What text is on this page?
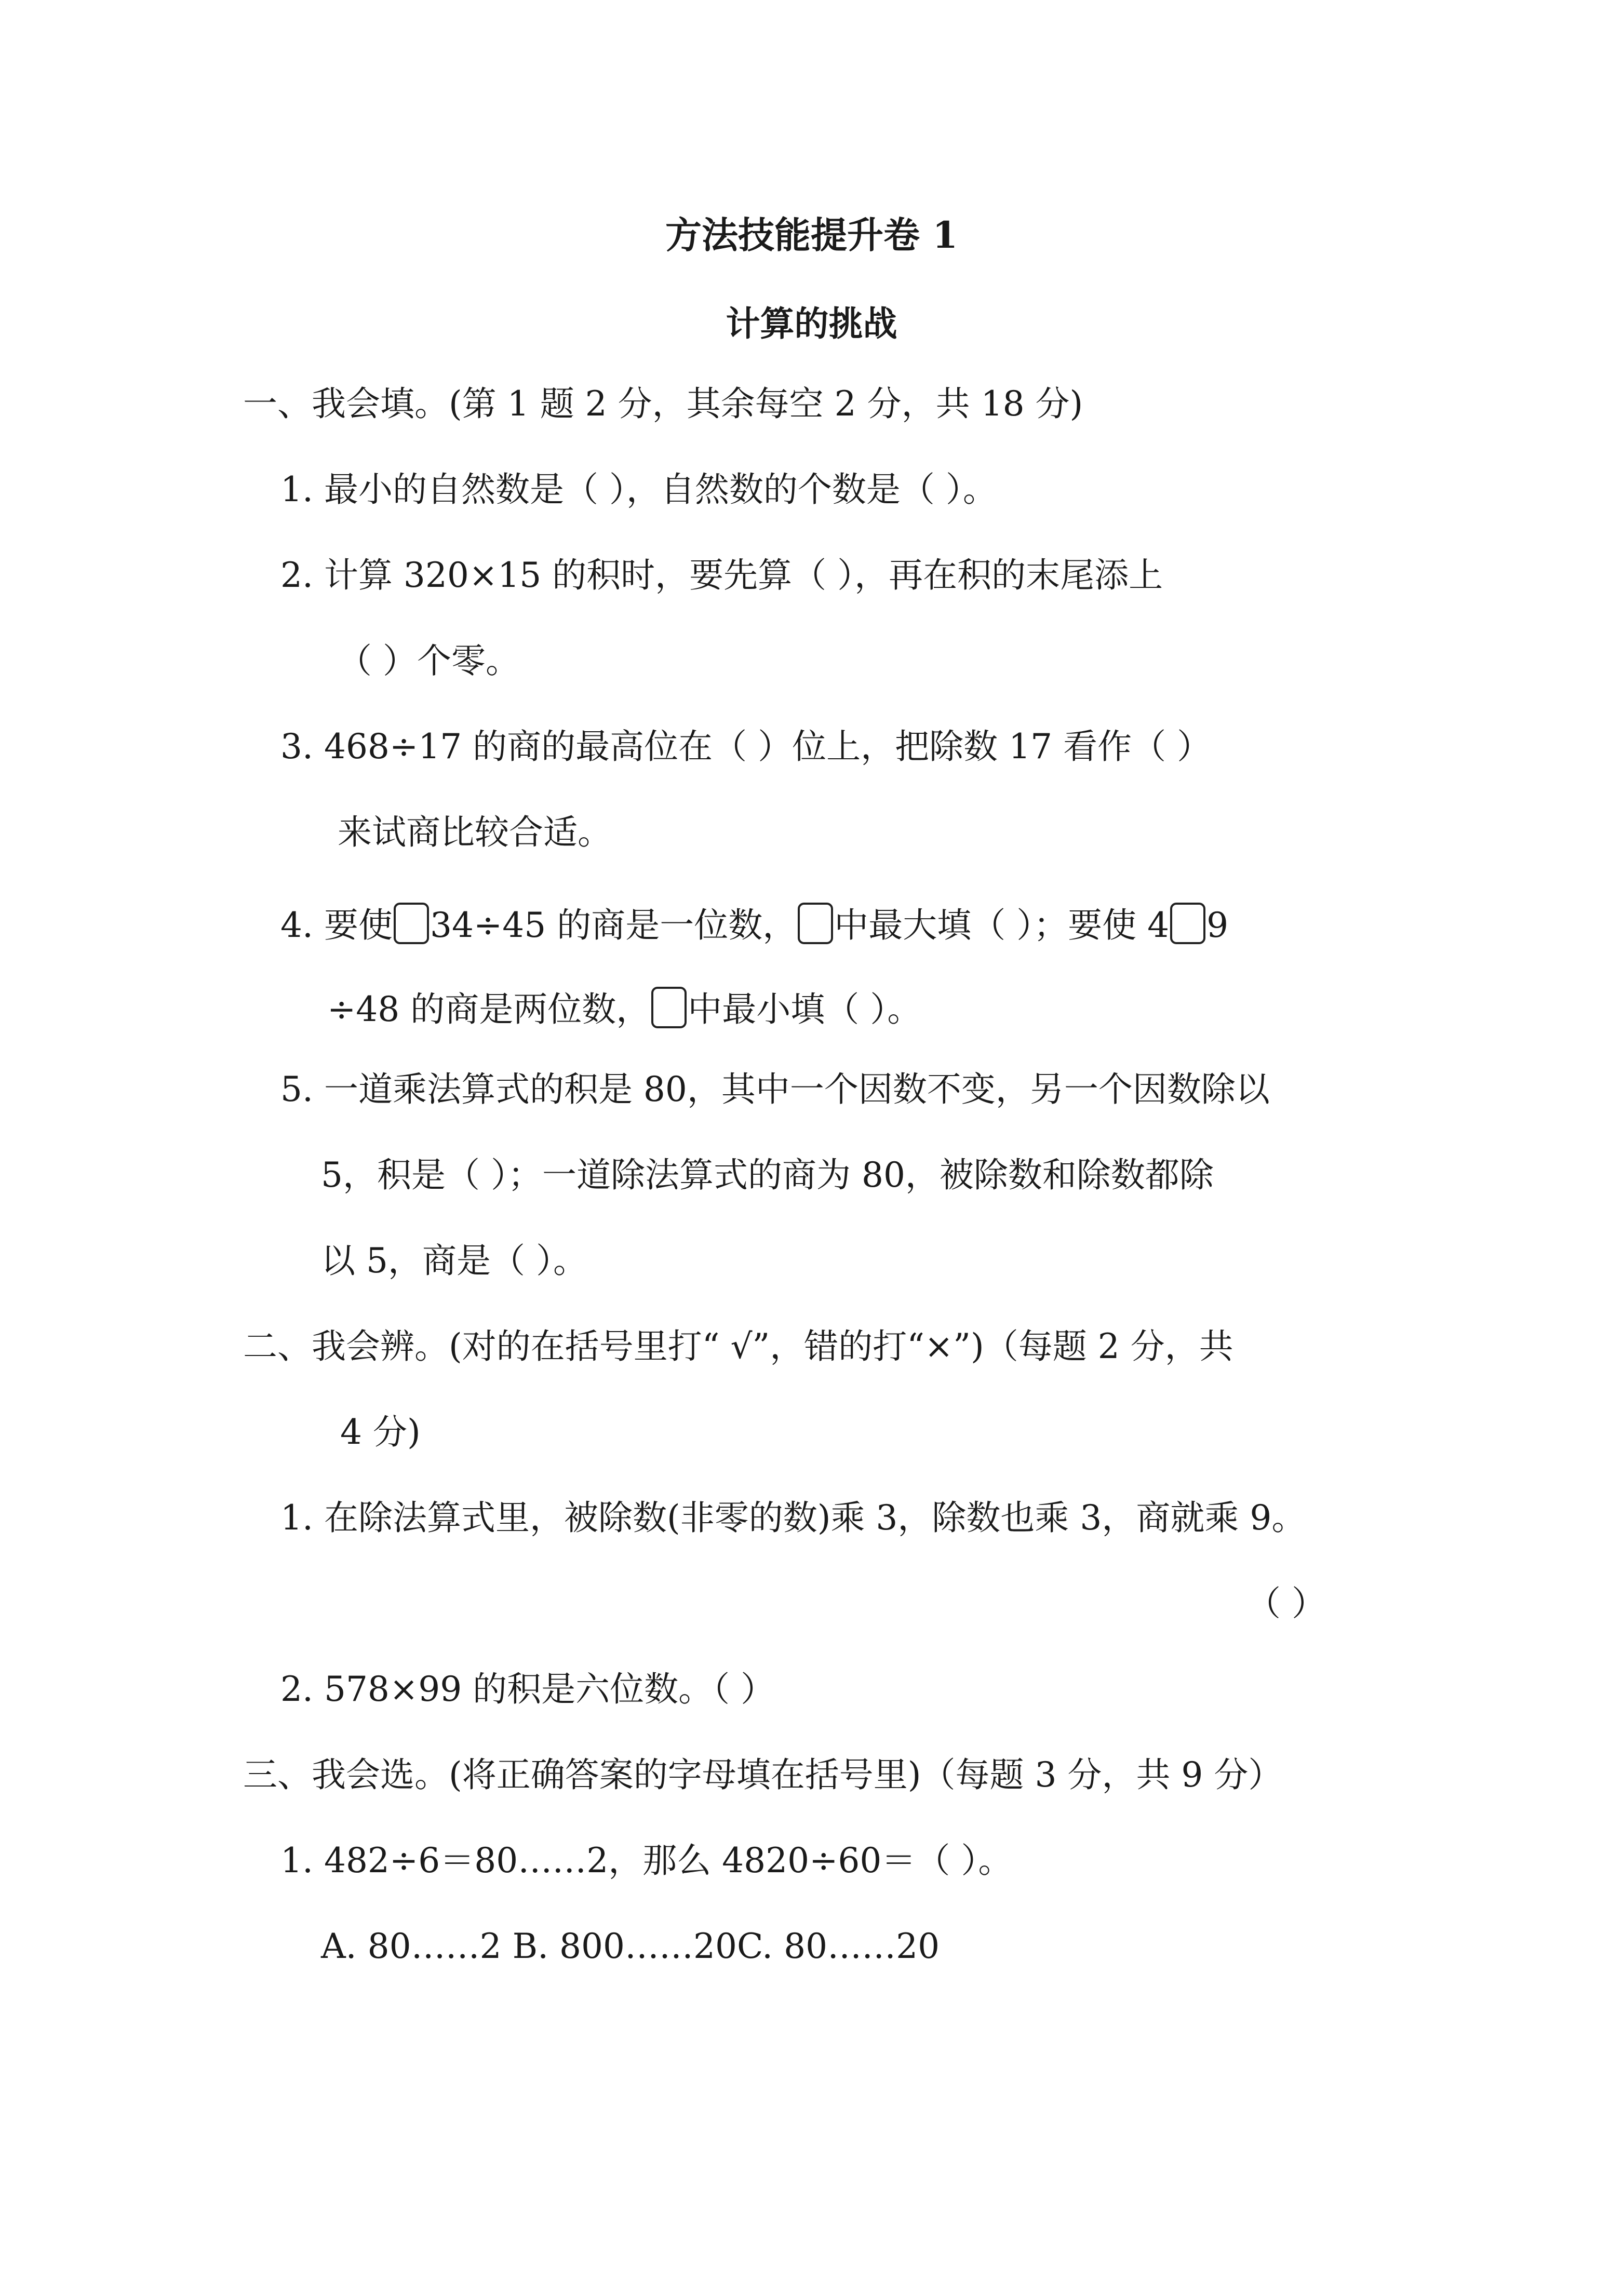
方法技能提升卷 1
计算的挑战
一、我会填。(第 1 题 2 分，其余每空 2 分，共 18 分)
1. 最小的自然数是（ ），自然数的个数是（ ）。
2. 计算 320×15 的积时，要先算（ ），再在积的末尾添上
（ ）个零。
3. 468÷17 的商的最高位在（ ）位上，把除数 17 看作（ ）
来试商比较合适。
4. 要使 34÷45 的商是一位数， 中最大填（ ）；要使 4 9
÷48 的商是两位数， 中最小填（ ）。
5. 一道乘法算式的积是 80，其中一个因数不变，另一个因数除以
5，积是（ ）；一道除法算式的商为 80，被除数和除数都除
以 5，商是（ ）。
二、我会辨。(对的在括号里打“ √”，错的打“×”)（每题 2 分，共
4 分)
1. 在除法算式里，被除数(非零的数)乘 3，除数也乘 3，商就乘 9。
（ ）
2. 578×99 的积是六位数。（ ）
三、我会选。(将正确答案的字母填在括号里)（每题 3 分，共 9 分）
1. 482÷6＝80……2，那么 4820÷60＝（ ）。
A. 80……2 B. 800……20C. 80……20
